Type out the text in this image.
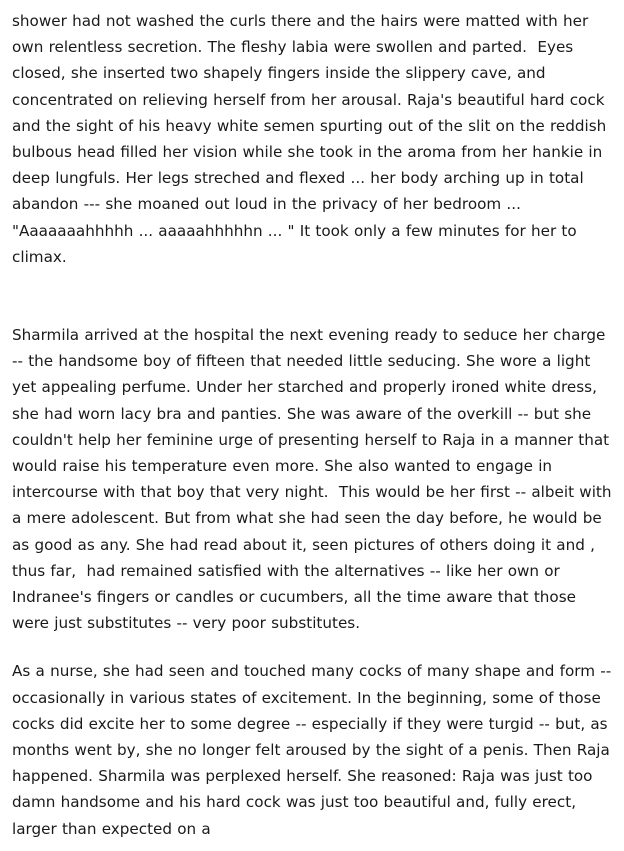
shower had not washed the curls there and the hairs were matted with her own relentless secretion. The fleshy labia were swollen and parted.  Eyes closed, she inserted two shapely fingers inside the slippery cave, and concentrated on relieving herself from her arousal. Raja's beautiful hard cock  and the sight of his heavy white semen spurting out of the slit on the reddish bulbous head filled her vision while she took in the aroma from her hankie in deep lungfuls. Her legs streched and flexed ... her body arching up in total abandon --- she moaned out loud in the privacy of her bedroom ... "Aaaaaaahhhhh ... aaaaahhhhhn ... " It took only a few minutes for her to climax.

Sharmila arrived at the hospital the next evening ready to seduce her charge -- the handsome boy of fifteen that needed little seducing. She wore a light yet appealing perfume. Under her starched and properly ironed white dress, she had worn lacy bra and panties. She was aware of the overkill -- but she couldn't help her feminine urge of presenting herself to Raja in a manner that would raise his temperature even more. She also wanted to engage in intercourse with that boy that very night.  This would be her first -- albeit with a mere adolescent. But from what she had seen the day before, he would be as good as any. She had read about it, seen pictures of others doing it and , thus far,  had remained satisfied with the alternatives -- like her own or Indranee's fingers or candles or cucumbers, all the time aware that those were just substitutes -- very poor substitutes.

As a nurse, she had seen and touched many cocks of many shape and form -- occasionally in various states of excitement. In the beginning, some of those cocks did excite her to some degree -- especially if they were turgid -- but, as months went by, she no longer felt aroused by the sight of a penis. Then Raja happened. Sharmila was perplexed herself. She reasoned: Raja was just too damn handsome and his hard cock was just too beautiful and, fully erect, larger than expected on a
